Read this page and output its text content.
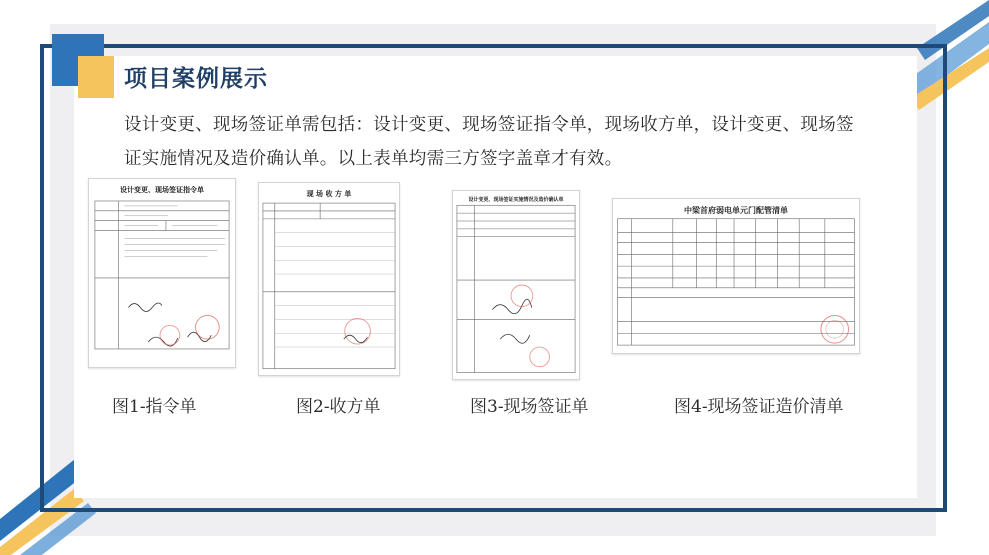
项目案例展示
设计变更、现场签证单需包括：设计变更、现场签证指令单，现场收方单，设计变更、现场签
证实施情况及造价确认单。以上表单均需三方签字盖章才有效。
设计变更、现场签证指令单	现 场 收 方 单
设计变更、现场签证实施情况及造价确认单
中梁首府弱电单元门配管清单
图1-指令单	图2-收方单	图3-现场签证单	图4-现场签证造价清单
